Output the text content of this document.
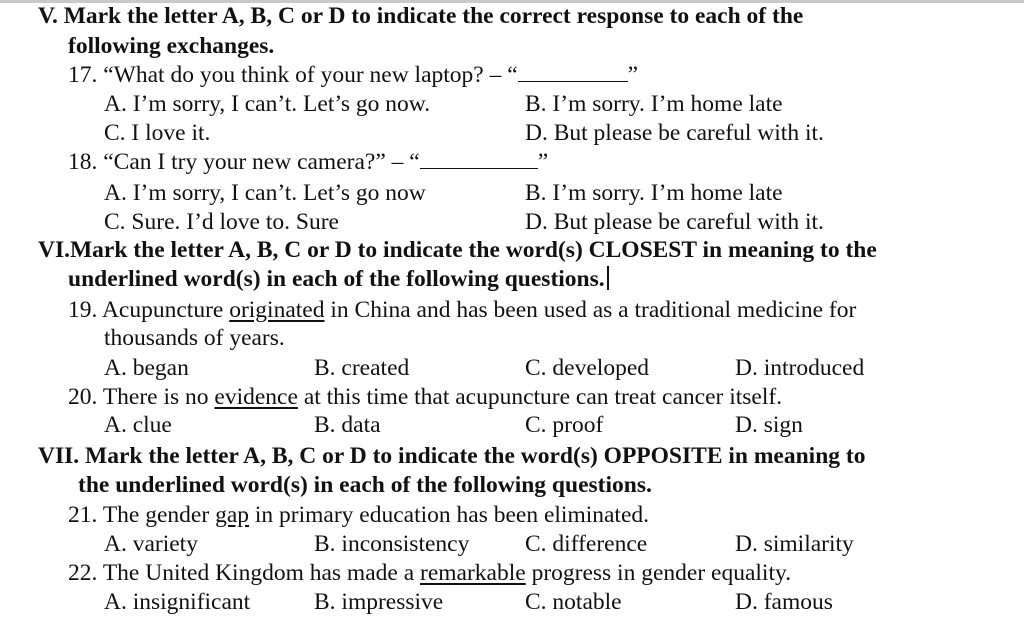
V. Mark the letter A, B, C or D to indicate the correct response to each of the
following exchanges.
17. “What do you think of your new laptop? – “	”
A. I’m sorry, I can’t. Let’s go now.	B. I’m sorry. I’m home late
C. I love it.	D. But please be careful with it.
18. “Can I try your new camera?” – “	”
A. I’m sorry, I can’t. Let’s go now	B. I’m sorry. I’m home late
C. Sure. I’d love to. Sure	D. But please be careful with it.
VI.Mark the letter A, B, C or D to indicate the word(s) CLOSEST in meaning to the
underlined word(s) in each of the following questions.
19. Acupuncture originated in China and has been used as a traditional medicine for
thousands of years.
A. began	B. created	C. developed	D. introduced
20. There is no evidence at this time that acupuncture can treat cancer itself.
A. clue	B. data	C. proof	D. sign
VII. Mark the letter A, B, C or D to indicate the word(s) OPPOSITE in meaning to
the underlined word(s) in each of the following questions.
21. The gender gap in primary education has been eliminated.
A. variety	B. inconsistency C. difference	D. similarity
22. The United Kingdom has made a remarkable progress in gender equality.
A. insignificant	B. impressive	C. notable	D. famous
